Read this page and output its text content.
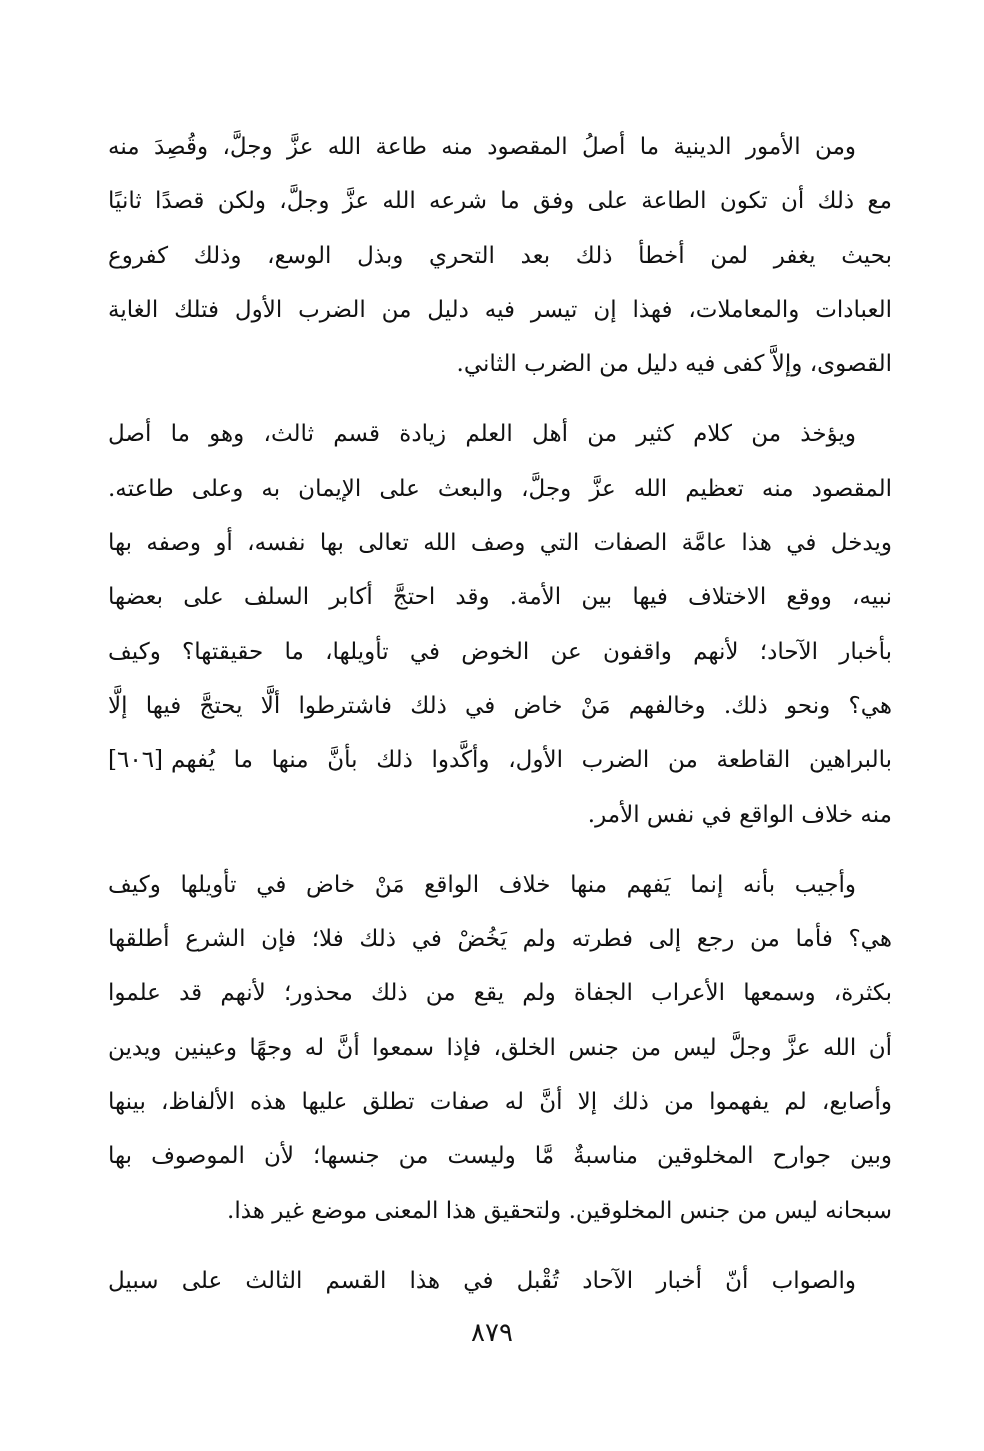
ومن الأمور الدينية ما أصلُ المقصود منه طاعة الله عزَّ وجلَّ، وقُصِدَ منه
مع ذلك أن تكون الطاعة على وفق ما شرعه الله عزَّ وجلَّ، ولكن قصدًا ثانيًا
بحيث يغفر لمن أخطأ ذلك بعد التحري وبذل الوسع، وذلك كفروع
العبادات والمعاملات، فهذا إن تيسر فيه دليل من الضرب الأول فتلك الغاية
القصوى، وإلاَّ كفى فيه دليل من الضرب الثاني.
ويؤخذ من كلام كثير من أهل العلم زيادة قسم ثالث، وهو ما أصل
المقصود منه تعظيم الله عزَّ وجلَّ، والبعث على الإيمان به وعلى طاعته.
ويدخل في هذا عامَّة الصفات التي وصف الله تعالى بها نفسه، أو وصفه بها
نبيه، ووقع الاختلاف فيها بين الأمة. وقد احتجَّ أكابر السلف على بعضها
بأخبار الآحاد؛ لأنهم واقفون عن الخوض في تأويلها، ما حقيقتها؟ وكيف
هي؟ ونحو ذلك. وخالفهم مَنْ خاض في ذلك فاشترطوا ألَّا يحتجَّ فيها إلَّا
بالبراهين القاطعة من الضرب الأول، وأكَّدوا ذلك بأنَّ منها ما يُفهم[٦٠٦]
منه خلاف الواقع في نفس الأمر.
وأجيب بأنه إنما يَفهم منها خلاف الواقع مَنْ خاض في تأويلها وكيف
هي؟ فأما من رجع إلى فطرته ولم يَخُضْ في ذلك فلا؛ فإن الشرع أطلقها
بكثرة، وسمعها الأعراب الجفاة ولم يقع من ذلك محذور؛ لأنهم قد علموا
أن الله عزَّ وجلَّ ليس من جنس الخلق، فإذا سمعوا أنَّ له وجهًا وعينين ويدين
وأصابع، لم يفهموا من ذلك إلا أنَّ له صفات تطلق عليها هذه الألفاظ، بينها
وبين جوارح المخلوقين مناسبةٌ مَّا وليست من جنسها؛ لأن الموصوف بها
سبحانه ليس من جنس المخلوقين. ولتحقيق هذا المعنى موضع غير هذا.
والصواب أنّ أخبار الآحاد تُقْبل في هذا القسم الثالث على سبيل
٨٧٩
